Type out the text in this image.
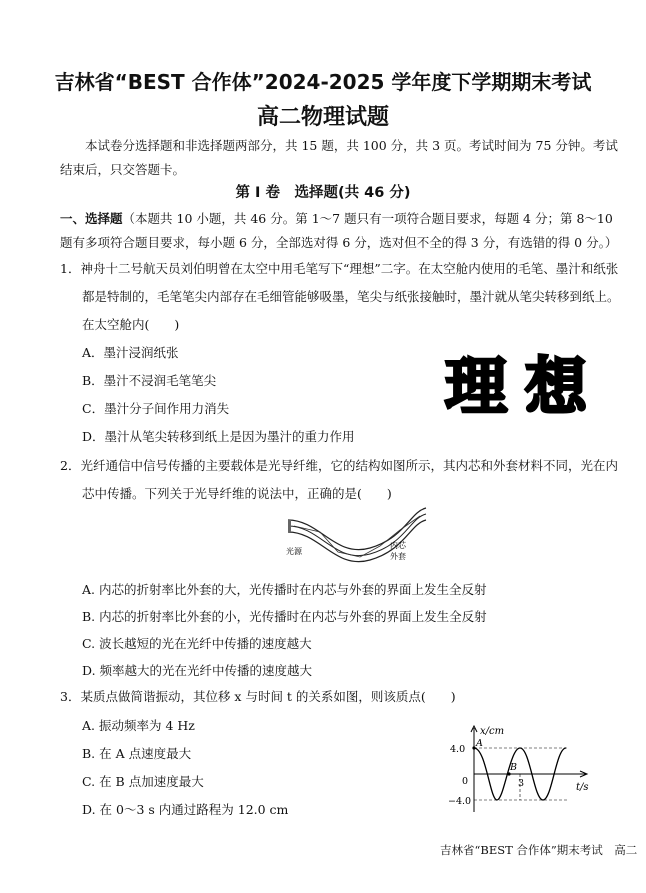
吉林省“BEST 合作体”2024-2025 学年度下学期期末考试
高二物理试题
本试卷分选择题和非选择题两部分，共 15 题，共 100 分，共 3 页。考试时间为 75 分钟。考试结束后，只交答题卡。
第 Ⅰ 卷　选择题(共 46 分)
一、选择题（本题共 10 小题，共 46 分。第 1～7 题只有一项符合题目要求，每题 4 分；第 8～10 题有多项符合题目要求，每小题 6 分，全部选对得 6 分，选对但不全的得 3 分，有选错的得 0 分。）
1．神舟十二号航天员刘伯明曾在太空中用毛笔写下“理想”二字。在太空舱内使用的毛笔、墨汁和纸张都是特制的，毛笔笔尖内部存在毛细管能够吸墨，笔尖与纸张接触时，墨汁就从笔尖转移到纸上。在太空舱内(　　)
A．墨汁浸润纸张
B．墨汁不浸润毛笔笔尖
C．墨汁分子间作用力消失
D．墨汁从笔尖转移到纸上是因为墨汁的重力作用
理想
2．光纤通信中信号传播的主要载体是光导纤维，它的结构如图所示，其内芯和外套材料不同，光在内芯中传播。下列关于光导纤维的说法中，正确的是(　　)
光源
内芯
外套
A. 内芯的折射率比外套的大，光传播时在内芯与外套的界面上发生全反射
B. 内芯的折射率比外套的小，光传播时在内芯与外套的界面上发生全反射
C. 波长越短的光在光纤中传播的速度越大
D. 频率越大的光在光纤中传播的速度越大
3．某质点做简谐振动，其位移 x 与时间 t 的关系如图，则该质点(　　)
A. 振动频率为 4 Hz
B. 在 A 点速度最大
C. 在 B 点加速度最大
D. 在 0～3 s 内通过路程为 12.0 cm
x/cm
4.0
−4.0
0
A
B
3	t/s
吉林省“BEST 合作体”期末考试　高二
